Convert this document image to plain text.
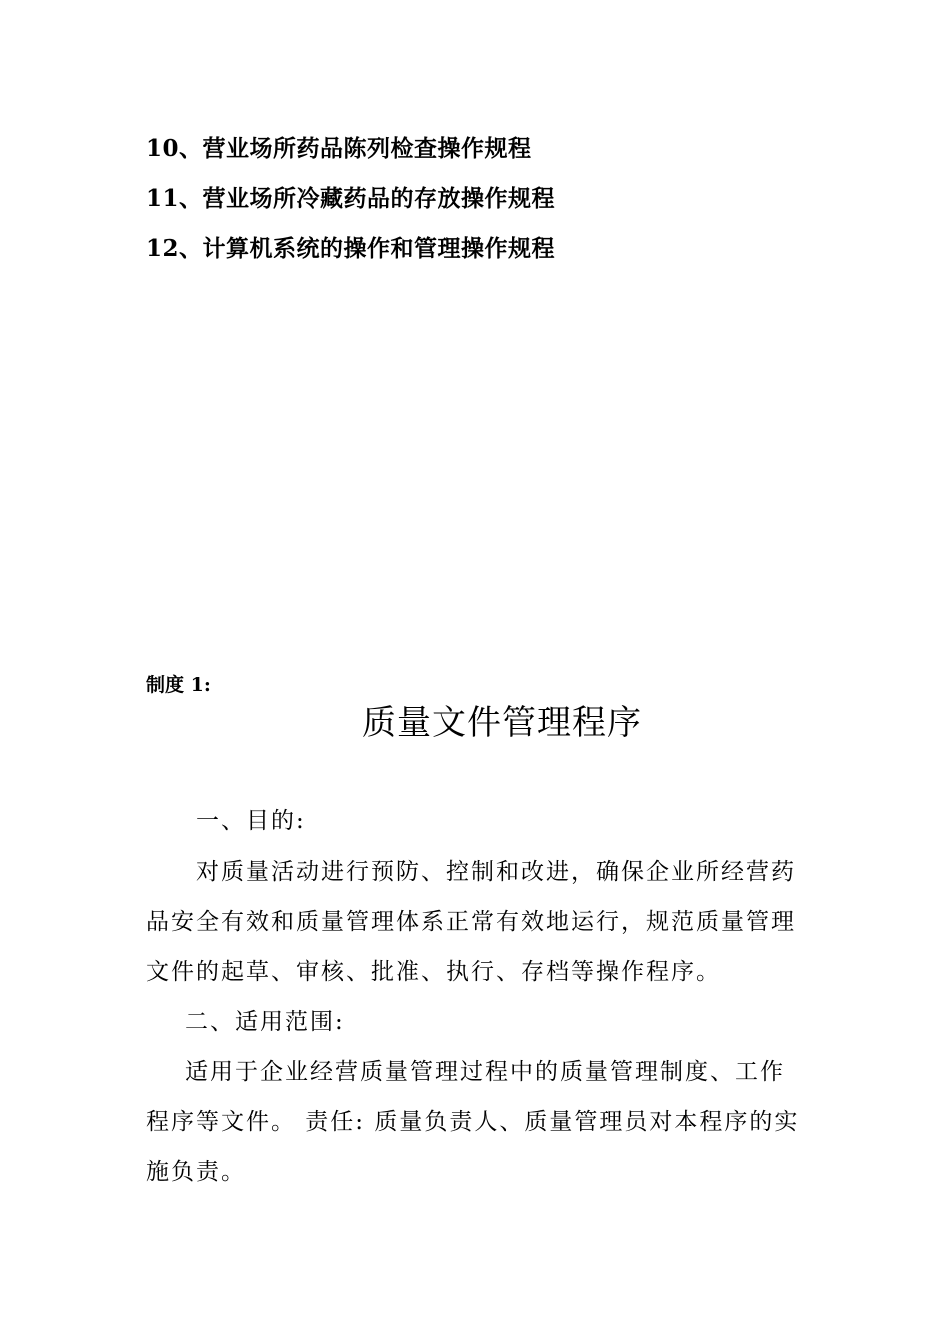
10、营业场所药品陈列检查操作规程
11、营业场所冷藏药品的存放操作规程
12、计算机系统的操作和管理操作规程
制度 1:
质量文件管理程序
一、目的:
对质量活动进行预防、控制和改进，确保企业所经营药
品安全有效和质量管理体系正常有效地运行，规范质量管理
文件的起草、审核、批准、执行、存档等操作程序。
二、适用范围:
适用于企业经营质量管理过程中的质量管理制度、工作
程序等文件。 责任: 质量负责人、质量管理员对本程序的实
施负责。
